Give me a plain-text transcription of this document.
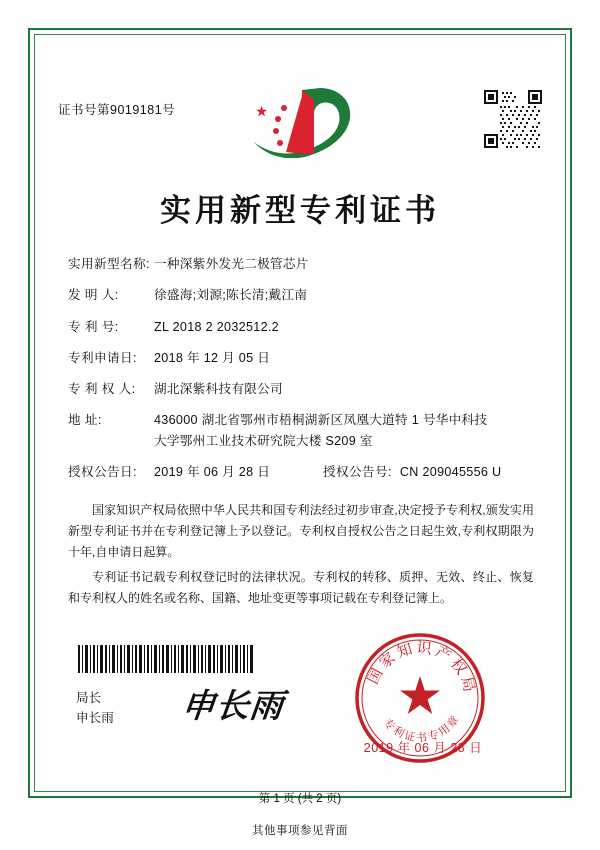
证书号第9019181号
实用新型专利证书
实用新型名称: 一种深紫外发光二极管芯片
发 明 人:	徐盛海;刘源;陈长清;戴江南
专 利 号:	ZL 2018 2 2032512.2
专利申请日:	2018 年 12 月 05 日
专 利 权 人:	湖北深紫科技有限公司
地 址:	436000 湖北省鄂州市梧桐湖新区凤凰大道特 1 号华中科技
大学鄂州工业技术研究院大楼 S209 室
授权公告日:	2019 年 06 月 28 日	授权公告号: CN 209045556 U

国家知识产权局依照中华人民共和国专利法经过初步审查,决定授予专利权,颁发实用新型专利证书并在专利登记簿上予以登记。专利权自授权公告之日起生效,专利权期限为十年,自申请日起算。

专利证书记载专利权登记时的法律状况。专利权的转移、质押、无效、终止、恢复和专利权人的姓名或名称、国籍、地址变更等事项记载在专利登记簿上。

局长
申长雨 申长雨
国家知识产权局
专利证书专用章
2019 年 06 月 28 日
第 1 页 (共 2 页)
其他事项参见背面
